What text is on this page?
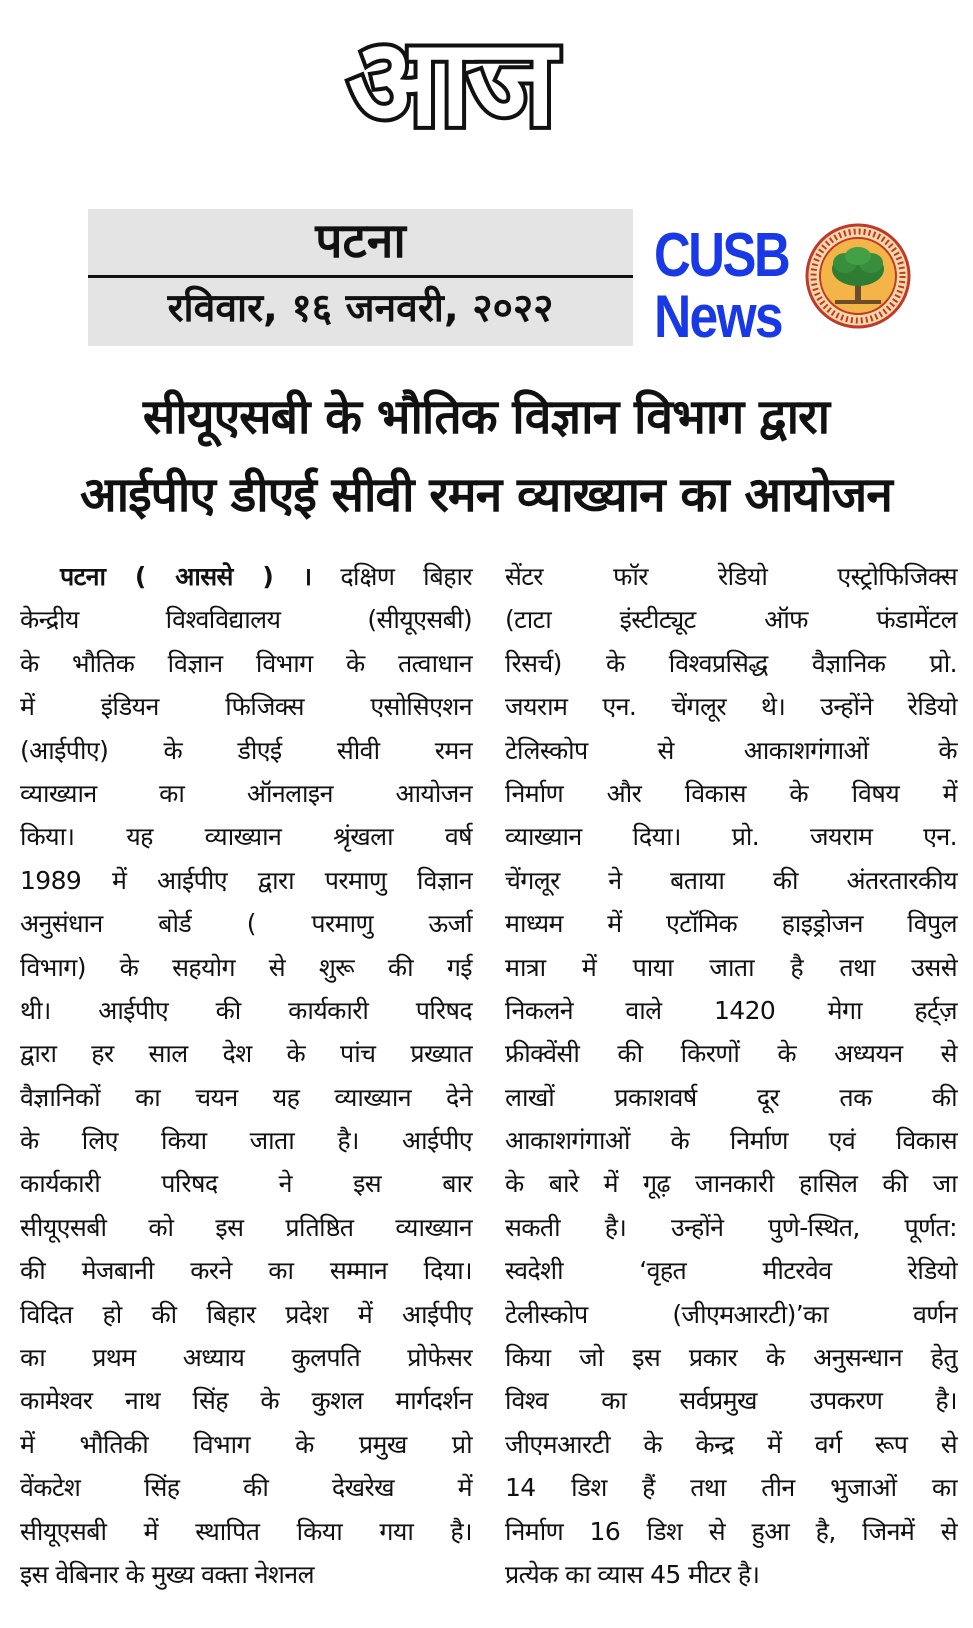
आज
पटना
रविवार, १६ जनवरी, २०२२
CUSB
News
सीयूएसबी के भौतिक विज्ञान विभाग द्वारा
आईपीए डीएई सीवी रमन व्याख्यान का आयोजन
पटना ( आससे ) । दक्षिण बिहार
केन्द्रीय विश्वविद्यालय (सीयूएसबी)
के भौतिक विज्ञान विभाग के तत्वाधान
में इंडियन फिजिक्स एसोसिएशन
(आईपीए) के डीएई सीवी रमन
व्याख्यान का ऑनलाइन आयोजन
किया। यह व्याख्यान श्रृंखला वर्ष
1989 में आईपीए द्वारा परमाणु विज्ञान
अनुसंधान बोर्ड ( परमाणु ऊर्जा
विभाग) के सहयोग से शुरू की गई
थी। आईपीए की कार्यकारी परिषद
द्वारा हर साल देश के पांच प्रख्यात
वैज्ञानिकों का चयन यह व्याख्यान देने
के लिए किया जाता है। आईपीए
कार्यकारी परिषद ने इस बार
सीयूएसबी को इस प्रतिष्ठित व्याख्यान
की मेजबानी करने का सम्मान दिया।
विदित हो की बिहार प्रदेश में आईपीए
का प्रथम अध्याय कुलपति प्रोफेसर
कामेश्वर नाथ सिंह के कुशल मार्गदर्शन
में भौतिकी विभाग के प्रमुख प्रो
वेंकटेश सिंह की देखरेख में
सीयूएसबी में स्थापित किया गया है।
इस वेबिनार के मुख्य वक्ता नेशनल
सेंटर फॉर रेडियो एस्ट्रोफिजिक्स
(टाटा इंस्टीट्यूट ऑफ फंडामेंटल
रिसर्च) के विश्वप्रसिद्ध वैज्ञानिक प्रो.
जयराम एन. चेंगलूर थे। उन्होंने रेडियो
टेलिस्कोप से आकाशगंगाओं के
निर्माण और विकास के विषय में
व्याख्यान दिया। प्रो. जयराम एन.
चेंगलूर ने बताया की अंतरतारकीय
माध्यम में एटॉमिक हाइड्रोजन विपुल
मात्रा में पाया जाता है तथा उससे
निकलने वाले 1420 मेगा हर्ट्ज़
फ्रीक्वेंसी की किरणों के अध्ययन से
लाखों प्रकाशवर्ष दूर तक की
आकाशगंगाओं के निर्माण एवं विकास
के बारे में गूढ़ जानकारी हासिल की जा
सकती है। उन्होंने पुणे-स्थित, पूर्णत:
स्वदेशी ‘वृहत मीटरवेव रेडियो
टेलीस्कोप (जीएमआरटी)’का वर्णन
किया जो इस प्रकार के अनुसन्धान हेतु
विश्व का सर्वप्रमुख उपकरण है।
जीएमआरटी के केन्द्र में वर्ग रूप से
14 डिश हैं तथा तीन भुजाओं का
निर्माण 16 डिश से हुआ है, जिनमें से
प्रत्येक का व्यास 45 मीटर है।
